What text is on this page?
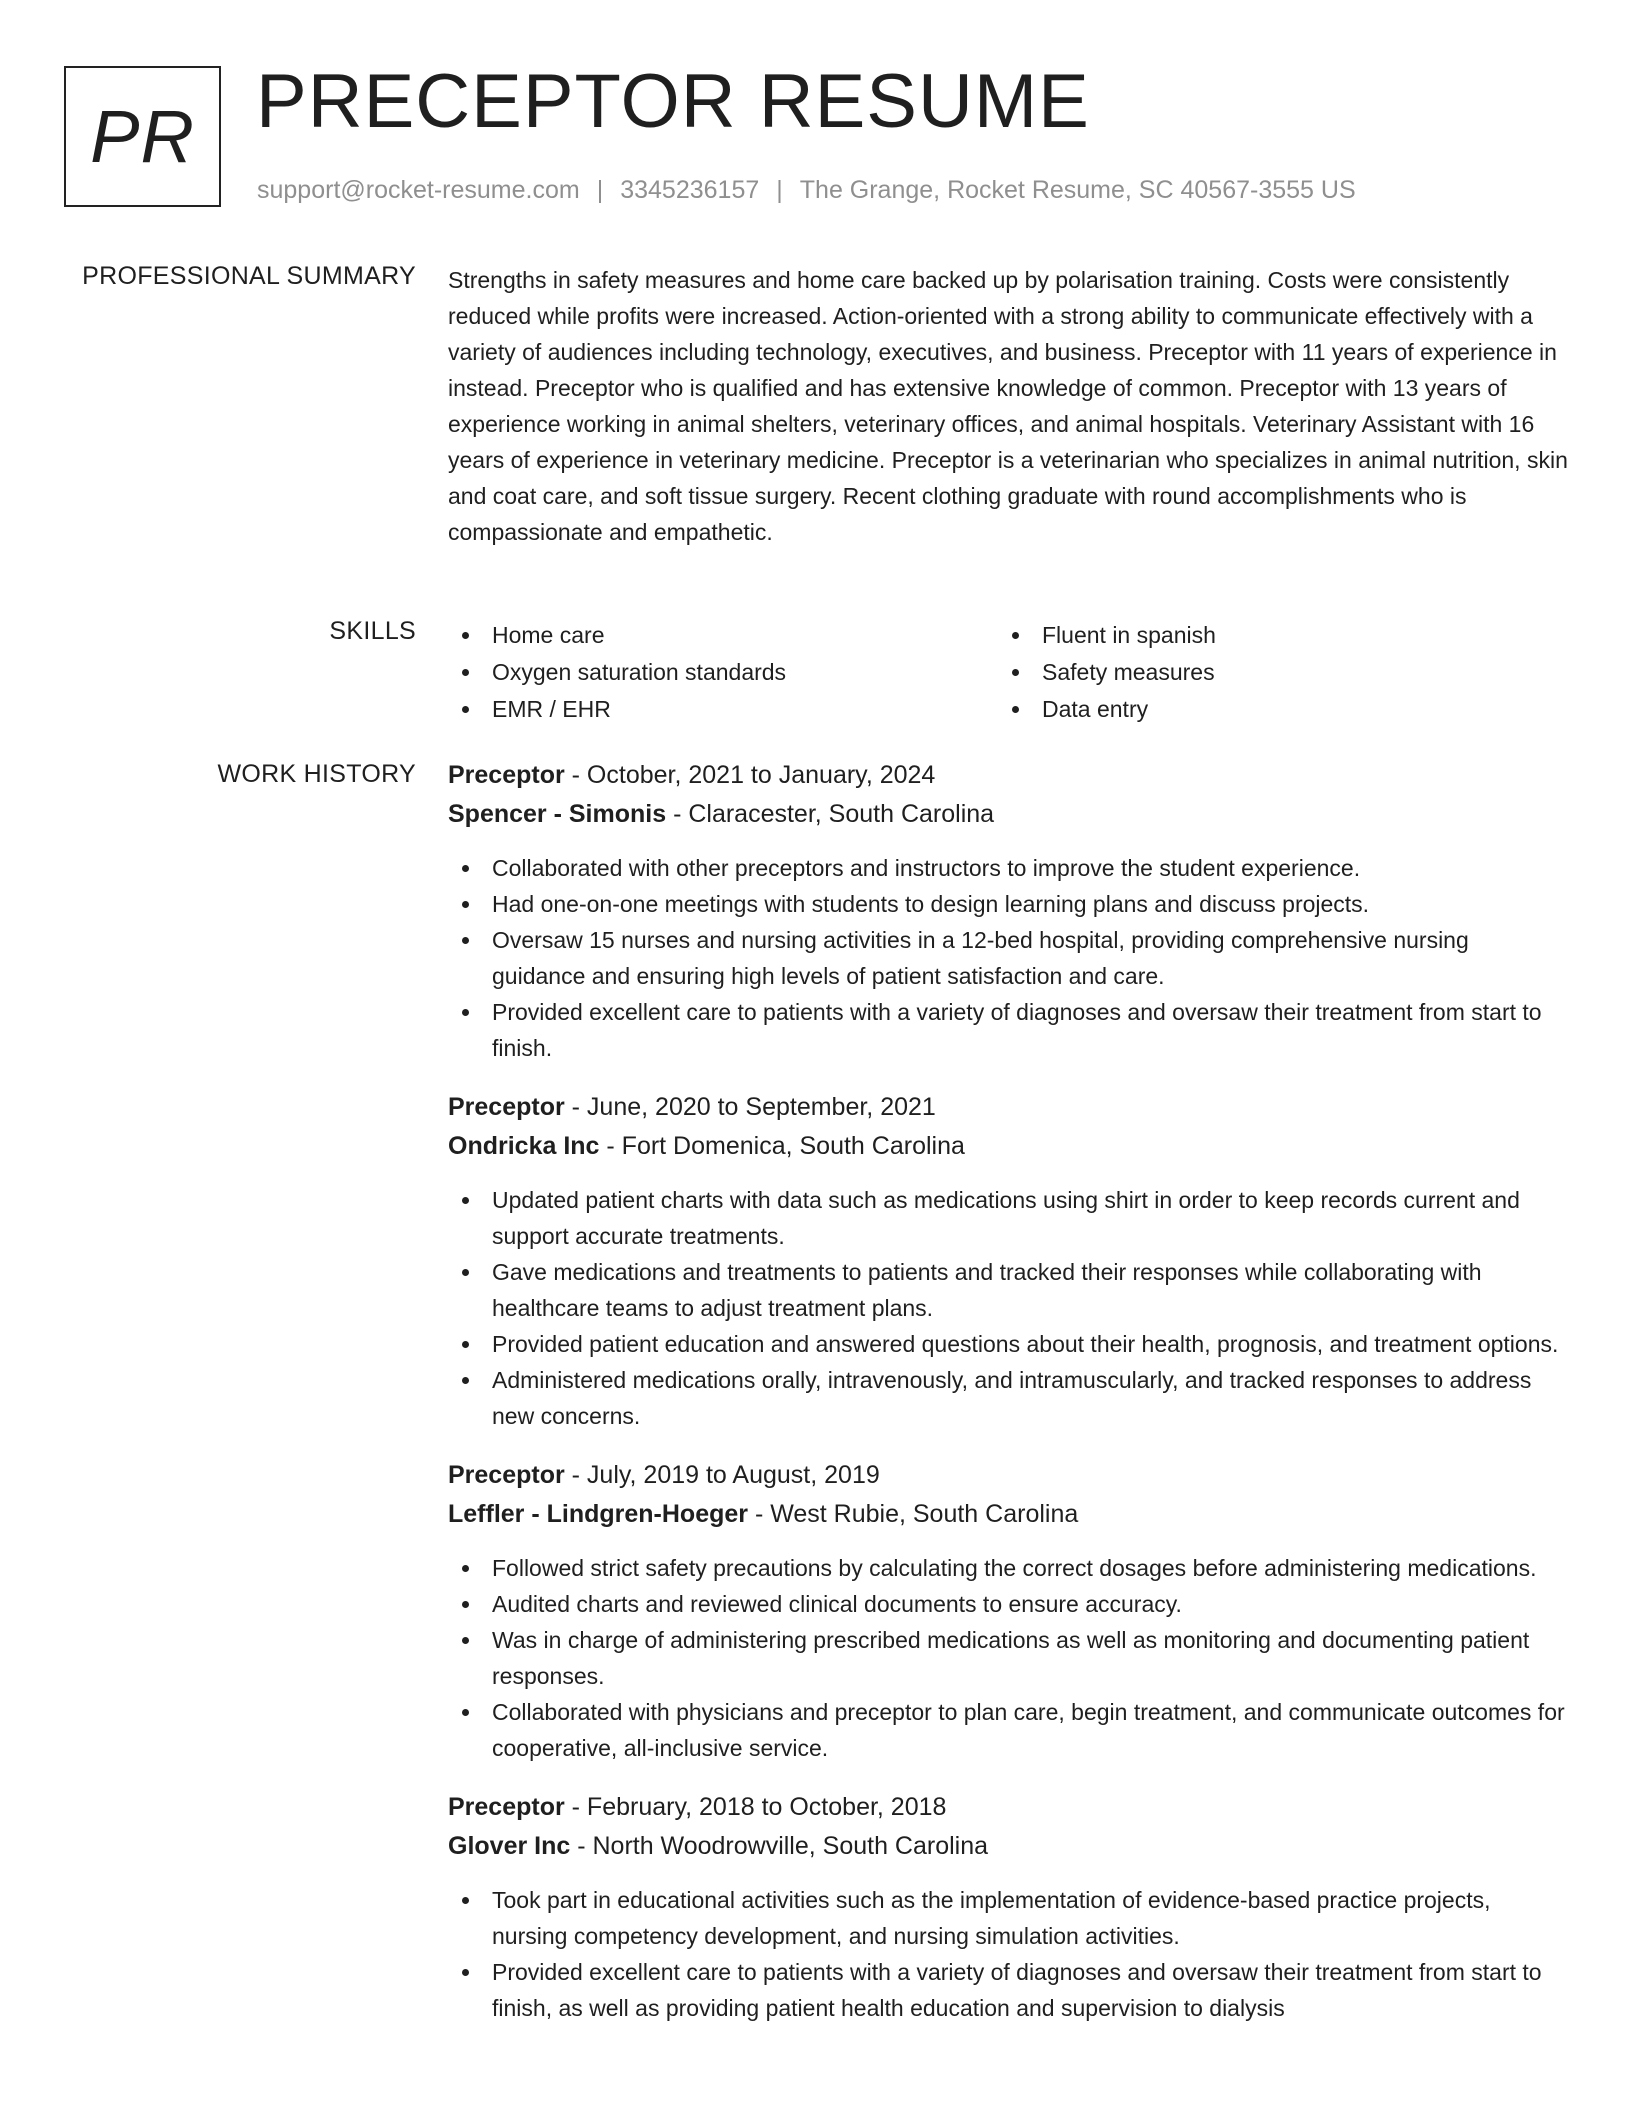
PR PRECEPTOR RESUME
support@rocket-resume.com | 3345236157 | The Grange, Rocket Resume, SC 40567-3555 US
PROFESSIONAL SUMMARY Strengths in safety measures and home care backed up by polarisation training. Costs were consistently reduced while profits were increased. Action-oriented with a strong ability to communicate effectively with a variety of audiences including technology, executives, and business. Preceptor with 11 years of experience in instead. Preceptor who is qualified and has extensive knowledge of common. Preceptor with 13 years of experience working in animal shelters, veterinary offices, and animal hospitals. Veterinary Assistant with 16 years of experience in veterinary medicine. Preceptor is a veterinarian who specializes in animal nutrition, skin and coat care, and soft tissue surgery. Recent clothing graduate with round accomplishments who is compassionate and empathetic.

SKILLS	Home care	Fluent in spanish
Oxygen saturation standards	Safety measures
EMR / EHR	Data entry
WORK HISTORY Preceptor - October, 2021 to January, 2024
Spencer - Simonis - Claracester, South Carolina
Collaborated with other preceptors and instructors to improve the student experience.
Had one-on-one meetings with students to design learning plans and discuss projects.
Oversaw 15 nurses and nursing activities in a 12-bed hospital, providing comprehensive nursing guidance and ensuring high levels of patient satisfaction and care.
Provided excellent care to patients with a variety of diagnoses and oversaw their treatment from start to finish.
Preceptor - June, 2020 to September, 2021
Ondricka Inc - Fort Domenica, South Carolina
Updated patient charts with data such as medications using shirt in order to keep records current and support accurate treatments.
Gave medications and treatments to patients and tracked their responses while collaborating with healthcare teams to adjust treatment plans.
Provided patient education and answered questions about their health, prognosis, and treatment options.
Administered medications orally, intravenously, and intramuscularly, and tracked responses to address new concerns.
Preceptor - July, 2019 to August, 2019
Leffler - Lindgren-Hoeger - West Rubie, South Carolina
Followed strict safety precautions by calculating the correct dosages before administering medications.
Audited charts and reviewed clinical documents to ensure accuracy.
Was in charge of administering prescribed medications as well as monitoring and documenting patient responses.
Collaborated with physicians and preceptor to plan care, begin treatment, and communicate outcomes for cooperative, all-inclusive service.
Preceptor - February, 2018 to October, 2018
Glover Inc - North Woodrowville, South Carolina
Took part in educational activities such as the implementation of evidence-based practice projects, nursing competency development, and nursing simulation activities.
Provided excellent care to patients with a variety of diagnoses and oversaw their treatment from start to finish, as well as providing patient health education and supervision to dialysis
